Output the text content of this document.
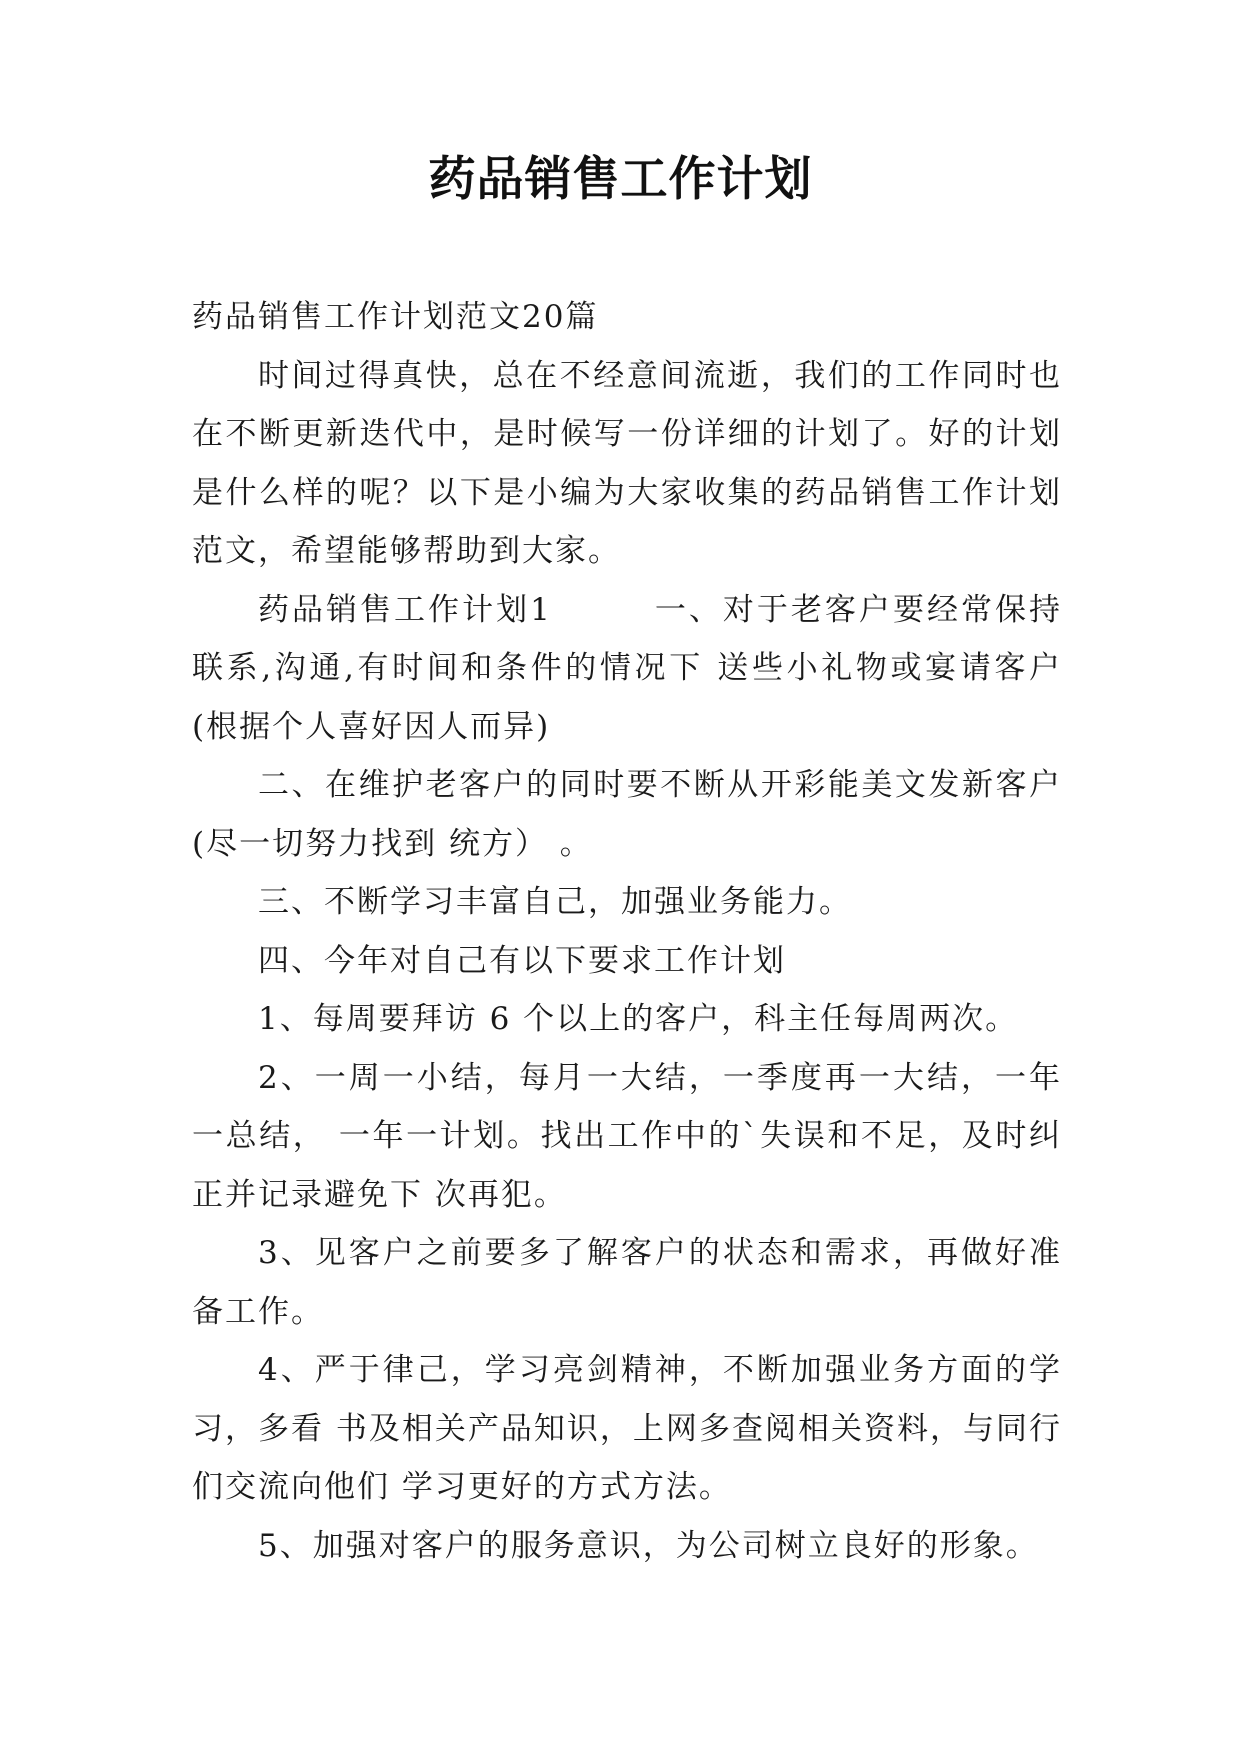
药品销售工作计划

药品销售工作计划范文20篇

时间过得真快，总在不经意间流逝，我们的工作同时也在不断更新迭代中，是时候写一份详细的计划了。好的计划是什么样的呢？以下是小编为大家收集的药品销售工作计划范文，希望能够帮助到大家。

药品销售工作计划1　　　一、对于老客户要经常保持联系,沟通,有时间和条件的情况下 送些小礼物或宴请客户(根据个人喜好因人而异)

二、在维护老客户的同时要不断从开彩能美文发新客户(尽一切努力找到 统方） 。

三、不断学习丰富自己，加强业务能力。

四、今年对自己有以下要求工作计划

1、每周要拜访 6 个以上的客户，科主任每周两次。

2、一周一小结，每月一大结，一季度再一大结，一年一总结， 一年一计划。找出工作中的`失误和不足，及时纠正并记录避免下 次再犯。

3、见客户之前要多了解客户的状态和需求，再做好准备工作。

4、严于律己，学习亮剑精神，不断加强业务方面的学习，多看 书及相关产品知识，上网多查阅相关资料，与同行们交流向他们 学习更好的方式方法。

5、加强对客户的服务意识，为公司树立良好的形象。
